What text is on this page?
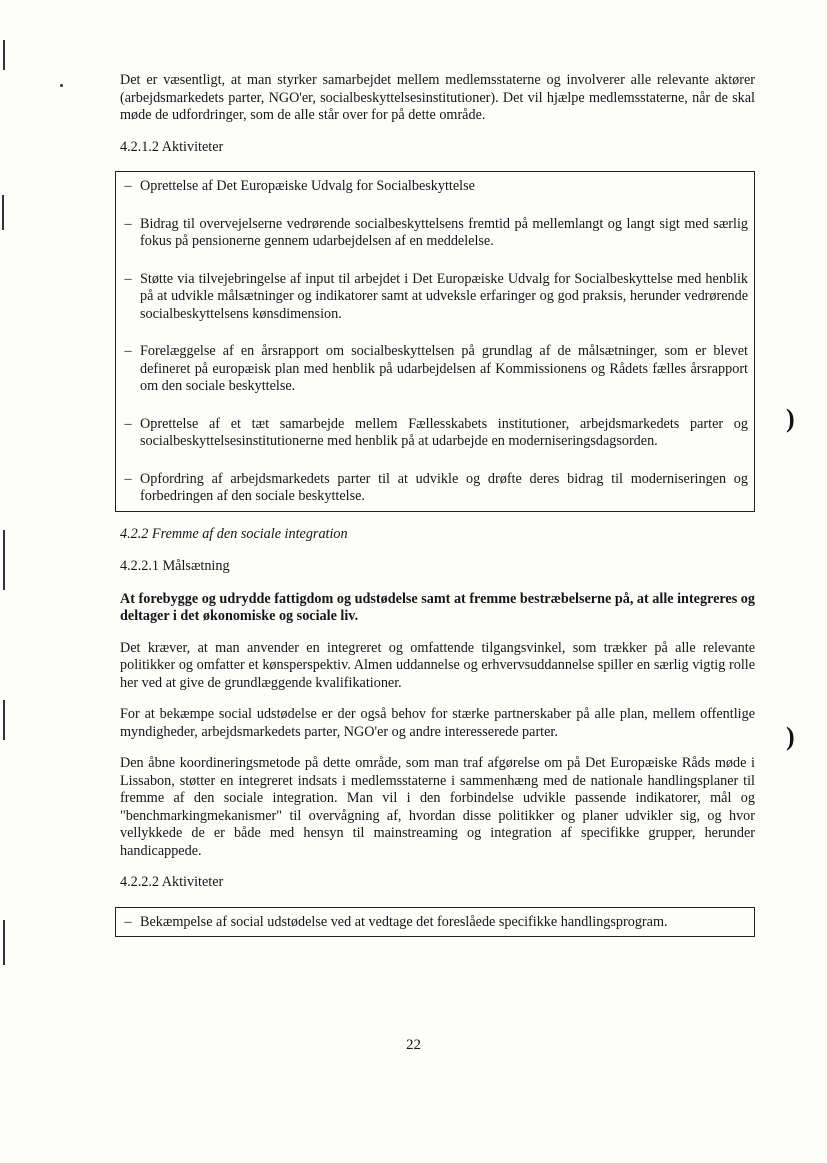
)
)

Det er væsentligt, at man styrker samarbejdet mellem medlemsstaterne og involverer alle relevante aktører (arbejdsmarkedets parter, NGO'er, socialbeskyttelsesinstitutioner). Det vil hjælpe medlemsstaterne, når de skal møde de udfordringer, som de alle står over for på dette område.

4.2.1.2 Aktiviteter

– Oprettelse af Det Europæiske Udvalg for Socialbeskyttelse
– Bidrag til overvejelserne vedrørende socialbeskyttelsens fremtid på mellemlangt og langt sigt med særlig fokus på pensionerne gennem udarbejdelsen af en meddelelse.
– Støtte via tilvejebringelse af input til arbejdet i Det Europæiske Udvalg for Socialbeskyttelse med henblik på at udvikle målsætninger og indikatorer samt at udveksle erfaringer og god praksis, herunder vedrørende socialbeskyttelsens kønsdimension.
– Forelæggelse af en årsrapport om socialbeskyttelsen på grundlag af de målsætninger, som er blevet defineret på europæisk plan med henblik på udarbejdelsen af Kommissionens og Rådets fælles årsrapport om den sociale beskyttelse.
– Oprettelse af et tæt samarbejde mellem Fællesskabets institutioner, arbejdsmarkedets parter og socialbeskyttelsesinstitutionerne med henblik på at udarbejde en moderniseringsdagsorden.
– Opfordring af arbejdsmarkedets parter til at udvikle og drøfte deres bidrag til moderniseringen og forbedringen af den sociale beskyttelse.

4.2.2 Fremme af den sociale integration

4.2.2.1 Målsætning

At forebygge og udrydde fattigdom og udstødelse samt at fremme bestræbelserne på, at alle integreres og deltager i det økonomiske og sociale liv.

Det kræver, at man anvender en integreret og omfattende tilgangsvinkel, som trækker på alle relevante politikker og omfatter et kønsperspektiv. Almen uddannelse og erhvervsuddannelse spiller en særlig vigtig rolle her ved at give de grundlæggende kvalifikationer.

For at bekæmpe social udstødelse er der også behov for stærke partnerskaber på alle plan, mellem offentlige myndigheder, arbejdsmarkedets parter, NGO'er og andre interesserede parter.

Den åbne koordineringsmetode på dette område, som man traf afgørelse om på Det Europæiske Råds møde i Lissabon, støtter en integreret indsats i medlemsstaterne i sammenhæng med de nationale handlingsplaner til fremme af den sociale integration. Man vil i den forbindelse udvikle passende indikatorer, mål og "benchmarkingmekanismer" til overvågning af, hvordan disse politikker og planer udvikler sig, og hvor vellykkede de er både med hensyn til mainstreaming og integration af specifikke grupper, herunder handicappede.

4.2.2.2 Aktiviteter

– Bekæmpelse af social udstødelse ved at vedtage det foreslåede specifikke handlingsprogram.
22
